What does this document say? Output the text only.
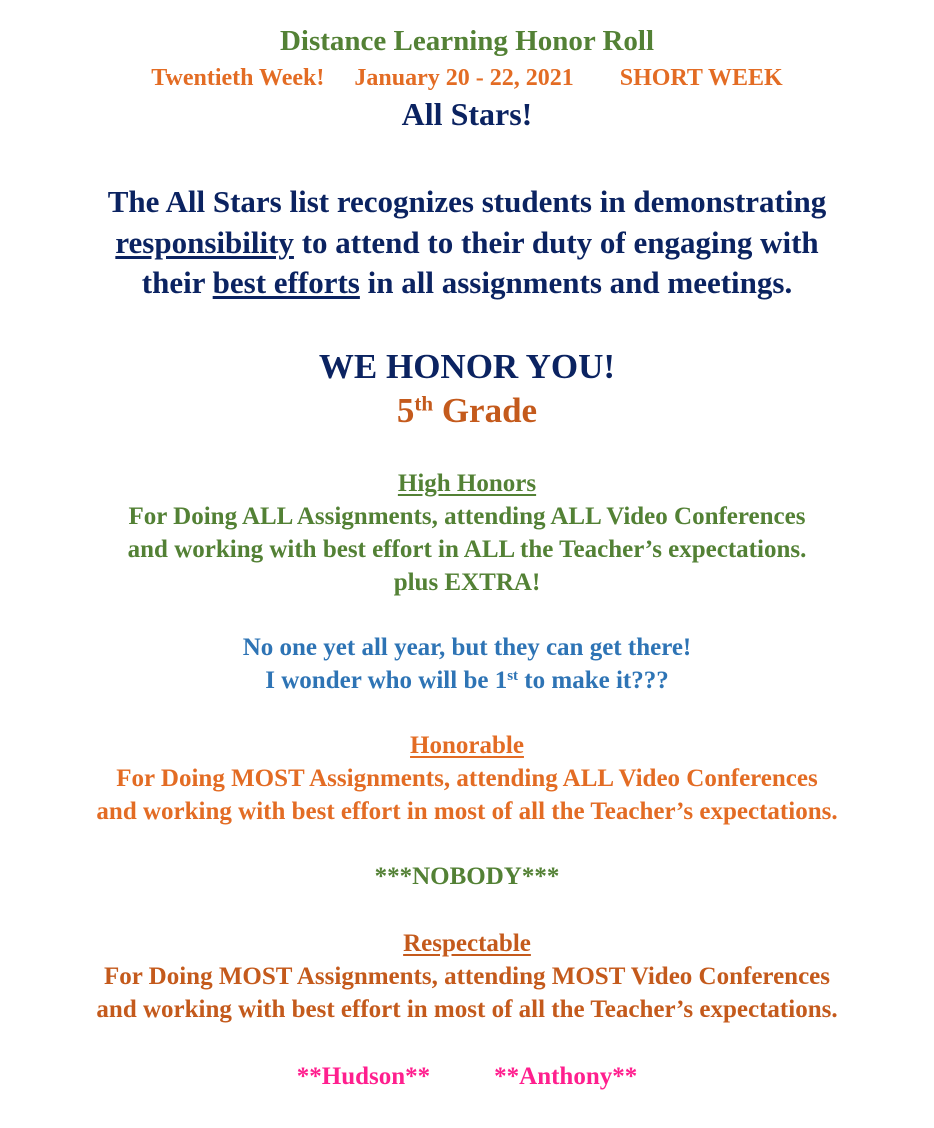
Distance Learning Honor Roll
Twentieth Week! January 20 - 22, 2021 SHORT WEEK
All Stars!
The All Stars list recognizes students in demonstrating
responsibility to attend to their duty of engaging with
their best efforts in all assignments and meetings.
WE HONOR YOU!
5th Grade
High Honors
For Doing ALL Assignments, attending ALL Video Conferences
and working with best effort in ALL the Teacher’s expectations.
plus EXTRA!
No one yet all year, but they can get there!
I wonder who will be 1st to make it???
Honorable
For Doing MOST Assignments, attending ALL Video Conferences
and working with best effort in most of all the Teacher’s expectations.
***NOBODY***
Respectable
For Doing MOST Assignments, attending MOST Video Conferences
and working with best effort in most of all the Teacher’s expectations.
**Hudson**	**Anthony**
